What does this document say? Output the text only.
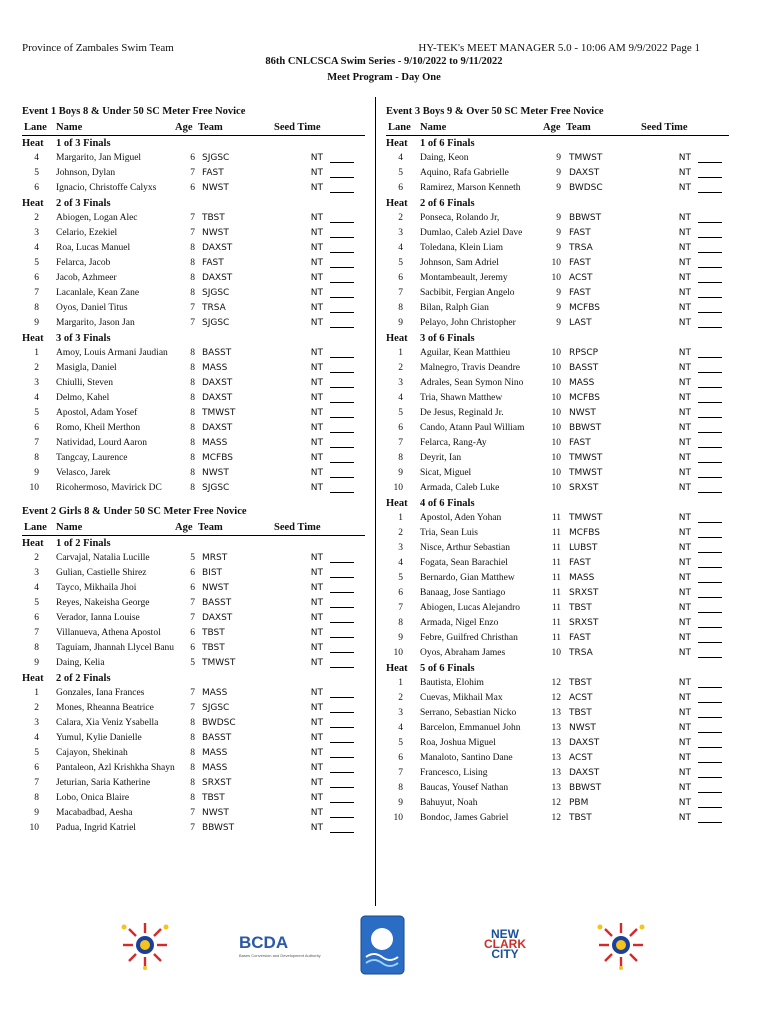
Province of Zambales Swim Team	HY-TEK's MEET MANAGER 5.0 - 10:06 AM 9/9/2022 Page 1
86th CNLCSCA Swim Series - 9/10/2022 to 9/11/2022
Meet Program - Day One
Event 1 Boys 8 & Under 50 SC Meter Free Novice
Lane Name	Age Team	Seed Time
Heat 1 of 3 Finals
4 Margarito, Jan Miguel	6 SJGSC	NT
5 Johnson, Dylan	7 FAST	NT
6 Ignacio, Christoffe Calyxs	6 NWST	NT
Heat 2 of 3 Finals
2 Abiogen, Logan Alec	7 TBST	NT
3 Celario, Ezekiel	7 NWST	NT
4 Roa, Lucas Manuel	8 DAXST	NT
5 Felarca, Jacob	8 FAST	NT
6 Jacob, Azhmeer	8 DAXST	NT
7 Lacanlale, Kean Zane	8 SJGSC	NT
8 Oyos, Daniel Titus	7 TRSA	NT
9 Margarito, Jason Jan	7 SJGSC	NT
Heat 3 of 3 Finals
1 Amoy, Louis Armani Jaudian	8 BASST	NT
2 Masigla, Daniel	8 MASS	NT
3 Chiulli, Steven	8 DAXST	NT
4 Delmo, Kahel	8 DAXST	NT
5 Apostol, Adam Yosef	8 TMWST	NT
6 Romo, Kheil Merthon	8 DAXST	NT
7 Natividad, Lourd Aaron	8 MASS	NT
8 Tangcay, Laurence	8 MCFBS	NT
9 Velasco, Jarek	8 NWST	NT
10 Ricohermoso, Mavirick DC	8 SJGSC	NT
Event 2 Girls 8 & Under 50 SC Meter Free Novice
Lane Name	Age Team	Seed Time
Heat 1 of 2 Finals
2 Carvajal, Natalia Lucille	5 MRST	NT
3 Gulian, Castielle Shirez	6 BIST	NT
4 Tayco, Mikhaila Jhoi	6 NWST	NT
5 Reyes, Nakeisha George	7 BASST	NT
6 Verador, Ianna Louise	7 DAXST	NT
7 Villanueva, Athena Apostol	6 TBST	NT
8 Taguiam, Jhannah Llycel Banu	6 TBST	NT
9 Daing, Kelia	5 TMWST	NT
Heat 2 of 2 Finals
1 Gonzales, Iana Frances	7 MASS	NT
2 Mones, Rheanna Beatrice	7 SJGSC	NT
3 Calara, Xia Veniz Ysabella	8 BWDSC	NT
4 Yumul, Kylie Danielle	8 BASST	NT
5 Cajayon, Shekinah	8 MASS	NT
6 Pantaleon, Azl Krishkha Shayn	8 MASS	NT
7 Jeturian, Saria Katherine	8 SRXST	NT
8 Lobo, Onica Blaire	8 TBST	NT
9 Macabadbad, Aesha	7 NWST	NT
10 Padua, Ingrid Katriel	7 BBWST	NT
Event 3 Boys 9 & Over 50 SC Meter Free Novice
Lane Name	Age Team	Seed Time
Heat 1 of 6 Finals
4 Daing, Keon	9 TMWST	NT
5 Aquino, Rafa Gabrielle	9 DAXST	NT
6 Ramirez, Marson Kenneth	9 BWDSC	NT
Heat 2 of 6 Finals
2 Ponseca, Rolando Jr,	9 BBWST	NT
3 Dumlao, Caleb Aziel Dave	9 FAST	NT
4 Toledana, Klein Liam	9 TRSA	NT
5 Johnson, Sam Adriel	10 FAST	NT
6 Montambeault, Jeremy	10 ACST	NT
7 Sacbibit, Fergian Angelo	9 FAST	NT
8 Bilan, Ralph Gian	9 MCFBS	NT
9 Pelayo, John Christopher	9 LAST	NT
Heat 3 of 6 Finals
1 Aguilar, Kean Matthieu	10 RPSCP	NT
2 Malnegro, Travis Deandre	10 BASST	NT
3 Adrales, Sean Symon Nino	10 MASS	NT
4 Tria, Shawn Matthew	10 MCFBS	NT
5 De Jesus, Reginald Jr.	10 NWST	NT
6 Cando, Atann Paul William	10 BBWST	NT
7 Felarca, Rang-Ay	10 FAST	NT
8 Deyrit, Ian	10 TMWST	NT
9 Sicat, Miguel	10 TMWST	NT
10 Armada, Caleb Luke	10 SRXST	NT
Heat 4 of 6 Finals
1 Apostol, Aden Yohan	11 TMWST	NT
2 Tria, Sean Luis	11 MCFBS	NT
3 Nisce, Arthur Sebastian	11 LUBST	NT
4 Fogata, Sean Barachiel	11 FAST	NT
5 Bernardo, Gian Matthew	11 MASS	NT
6 Banaag, Jose Santiago	11 SRXST	NT
7 Abiogen, Lucas Alejandro	11 TBST	NT
8 Armada, Nigel Enzo	11 SRXST	NT
9 Febre, Guilfred Christhan	11 FAST	NT
10 Oyos, Abraham James	10 TRSA	NT
Heat 5 of 6 Finals
1 Bautista, Elohim	12 TBST	NT
2 Cuevas, Mikhail Max	12 ACST	NT
3 Serrano, Sebastian Nicko	13 TBST	NT
4 Barcelon, Emmanuel John	13 NWST	NT
5 Roa, Joshua Miguel	13 DAXST	NT
6 Manaloto, Santino Dane	13 ACST	NT
7 Francesco, Lising	13 DAXST	NT
8 Baucas, Yousef Nathan	13 BBWST	NT
9 Bahuyut, Noah	12 PBM	NT
10 Bondoc, James Gabriel	12 TBST	NT
BCDA
Bases Conversion and Development Authority
NEW
CLARK
CITY
